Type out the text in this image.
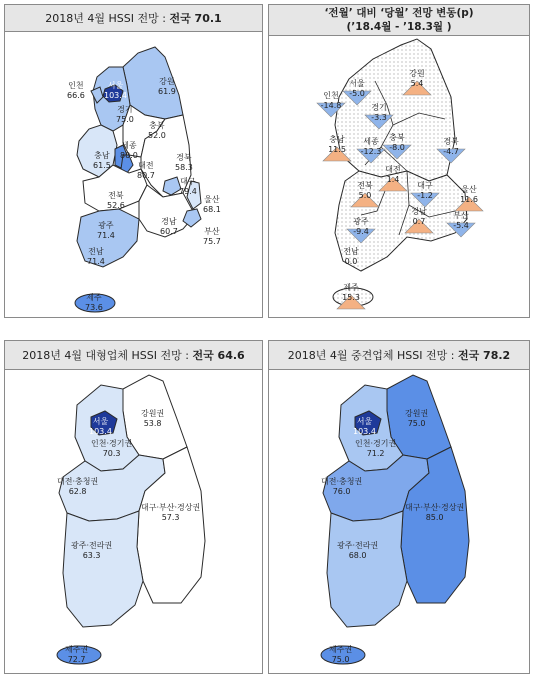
2018년 4월 HSSI 전망 : 전국 70.1
서울
103.4
인천
66.6
경기
75.0
강원
61.9
충북
52.0
세종
80.0
충남
61.5	대전
80.7
경북
58.3
대구
79.4
전북
52.6
울산
68.1
광주
71.4
경남
60.7	부산
75.7
전남
71.4
제주
73.6
‘전월’ 대비 ‘당월’ 전망 변동(p)
(’18.4월 - ’18.3월 )
서울
-5.0
인천
-14.8
강원
5.4
경기
-3.3
충남
11.5
세종
-12.3
충북
-8.0
경북
-4.7
대전
1.4
전북
5.0
대구
-1.2
울산
11.6
경남
0.7
부산
-5.4
광주
-9.4
전남
0.0
제주
15.3
2018년 4월 대형업체 HSSI 전망 : 전국 64.6
서울
103.4
강원권
53.8
인천·경기권
70.3
대전·충청권
62.8
대구·부산·경상권
57.3
광주·전라권
63.3
제주권
72.7
2018년 4월 중견업체 HSSI 전망 : 전국 78.2
서울
103.4
강원권
75.0
인천·경기권
71.2
대전·충청권
76.0
대구·부산·경상권
85.0
광주·전라권
68.0
제주권
75.0
